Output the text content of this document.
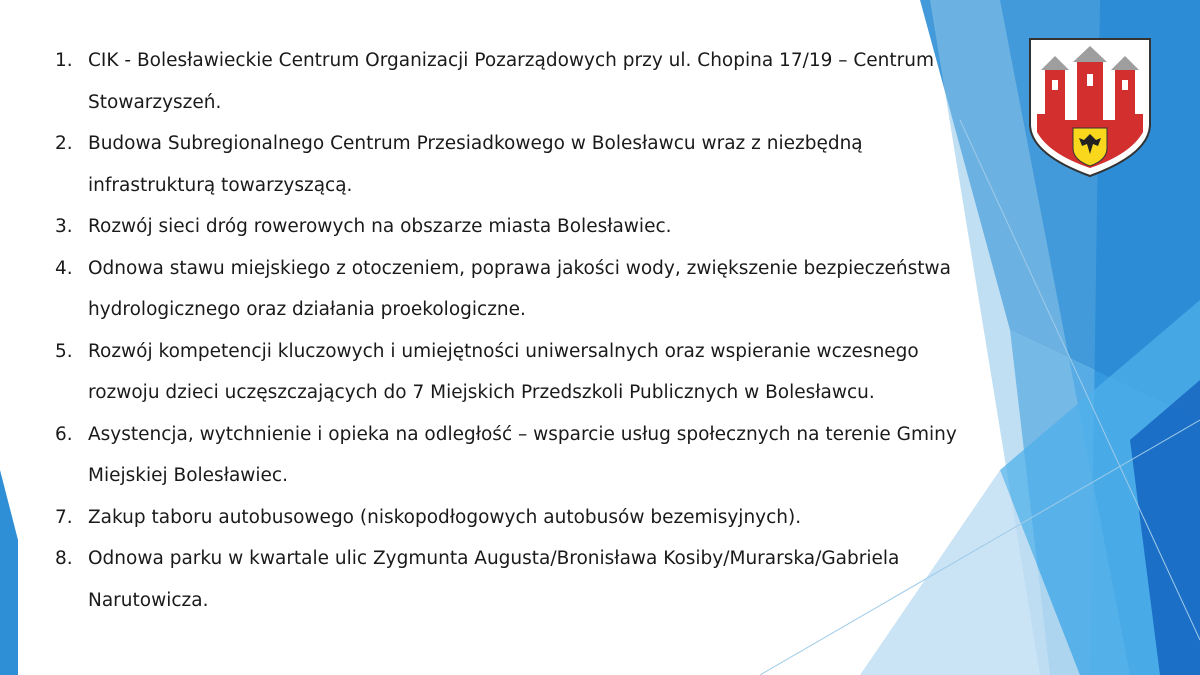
1. CIK - Bolesławieckie Centrum Organizacji Pozarządowych przy ul. Chopina 17/19 – Centrum Stowarzyszeń.
2. Budowa Subregionalnego Centrum Przesiadkowego w Bolesławcu wraz z niezbędną infrastrukturą towarzyszącą.
3. Rozwój sieci dróg rowerowych na obszarze miasta Bolesławiec.
4. Odnowa stawu miejskiego z otoczeniem, poprawa jakości wody, zwiększenie bezpieczeństwa hydrologicznego oraz działania proekologiczne.
5. Rozwój kompetencji kluczowych i umiejętności uniwersalnych oraz wspieranie wczesnego rozwoju dzieci uczęszczających do 7 Miejskich Przedszkoli Publicznych w Bolesławcu.
6. Asystencja, wytchnienie i opieka na odległość – wsparcie usług społecznych na terenie Gminy Miejskiej Bolesławiec.
7. Zakup taboru autobusowego (niskopodłogowych autobusów bezemisyjnych).
8. Odnowa parku w kwartale ulic Zygmunta Augusta/Bronisława Kosiby/Murarska/Gabriela Narutowicza.
